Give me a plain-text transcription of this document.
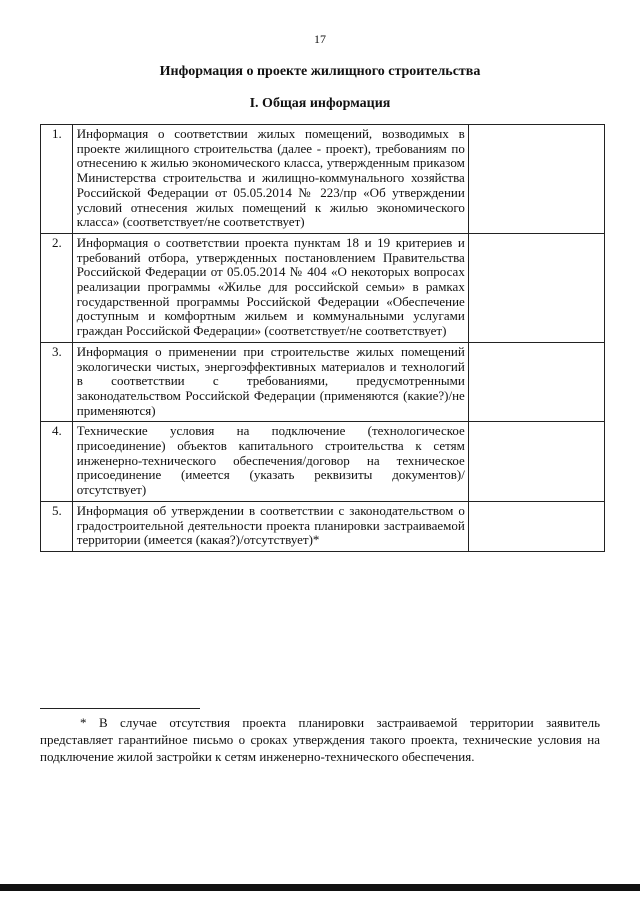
17
Информация о проекте жилищного строительства
I. Общая информация
1.	Информация о соответствии жилых помещений, возводимых в проекте жилищного строительства (далее - проект), требованиям по отнесению к жилью экономического класса, утвержденным приказом Министерства строительства и жилищно-коммунального хозяйства Российской Федерации от 05.05.2014 № 223/пр «Об утверждении условий отнесения жилых помещений к жилью экономического класса» (соответствует/не соответствует)	
2.	Информация о соответствии проекта пунктам 18 и 19 критериев и требований отбора, утвержденных постановлением Правительства Российской Федерации от 05.05.2014 № 404 «О некоторых вопросах реализации программы «Жилье для российской семьи» в рамках государственной программы Российской Федерации «Обеспечение доступным и комфортным жильем и коммунальными услугами граждан Российской Федерации» (соответствует/не соответствует)	
3.	Информация о применении при строительстве жилых помещений экологически чистых, энергоэффективных материалов и технологий в соответствии с требованиями, предусмотренными законодательством Российской Федерации (применяются (какие?)/не применяются)	
4.	Технические условия на подключение (технологическое присоединение) объектов капитального строительства к сетям инженерно-технического обеспечения/договор на техническое присоединение (имеется (указать реквизиты документов)/отсутствует)	
5.	Информация об утверждении в соответствии с законодательством о градостроительной деятельности проекта планировки застраиваемой территории (имеется (какая?)/отсутствует)*	
* В случае отсутствия проекта планировки застраиваемой территории заявитель представляет гарантийное письмо о сроках утверждения такого проекта, технические условия на подключение жилой застройки к сетям инженерно-технического обеспечения.
